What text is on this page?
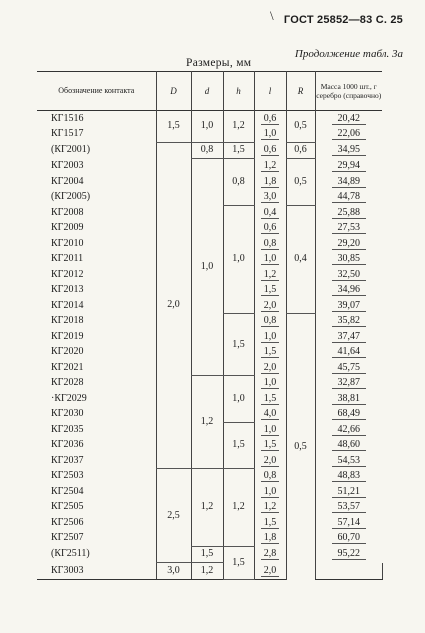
\ ГОСТ 25852—83 С. 25
Продолжение табл. 3а
Размеры, мм
Обозначение контакта	D	d	h	l	R	Масса 1000 шт., г серебро (справочно)	
КГ1516	1,5	1,0	1,2	0,6	0,5	20,42	
КГ1517				1,0		22,06	
(КГ2001)	2,0	0,8	1,5	0,6	0,6	34,95	
КГ2003		1,0	0,8	1,2	0,5	29,94	
КГ2004				1,8		34,89	
(КГ2005)				3,0		44,78	
КГ2008			1,0	0,4	0,4	25,88	
КГ2009				0,6		27,53	
КГ2010				0,8		29,20	
КГ2011				1,0		30,85	
КГ2012				1,2		32,50	
КГ2013				1,5		34,96	
КГ2014				2,0		39,07	
КГ2018			1,5	0,8	0,5	35,82	
КГ2019				1,0		37,47	
КГ2020				1,5		41,64	
КГ2021				2,0		45,75	
КГ2028		1,2	1,0	1,0		32,87	
·КГ2029				1,5		38,81	
КГ2030				4,0		68,49	
КГ2035			1,5	1,0		42,66	
КГ2036				1,5		48,60	
КГ2037				2,0		54,53	
КГ2503	2,5	1,2	1,2	0,8		48,83	
КГ2504				1,0		51,21	
КГ2505				1,2		53,57	
КГ2506				1,5		57,14	
КГ2507				1,8		60,70	
(КГ2511)		1,5	1,5	2,8		95,22	
КГ3003	3,0	1,2		2,0		
